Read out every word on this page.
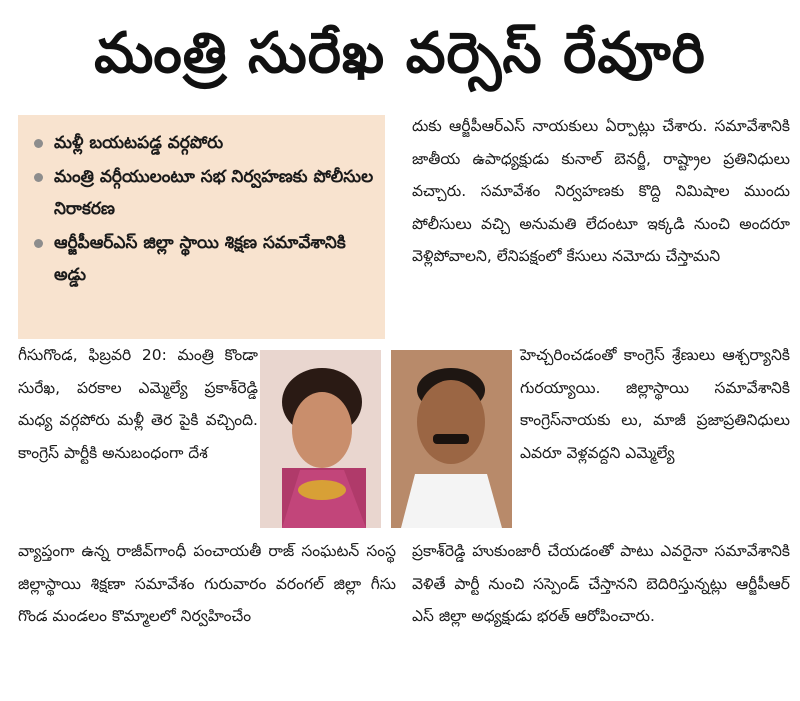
మంత్రి సురేఖ వర్సెస్ రేవూరి
మళ్లీ బయటపడ్డ వర్గపోరు
మంత్రి వర్గీయులంటూ సభ నిర్వహణకు పోలీసుల నిరాకరణ
ఆర్జీపీఆర్ఎస్ జిల్లా స్థాయి శిక్షణ సమావేశానికి అడ్డు
దుకు ఆర్జీపీఆర్ఎస్ నాయకులు ఏర్పాట్లు చేశారు. సమావేశానికి జాతీయ ఉపాధ్యక్షుడు కునాల్ బెనర్జీ, రాష్ట్రాల ప్రతినిధులు వచ్చారు. సమావేశం నిర్వహణకు కొద్ది నిమిషాల ముందు పోలీసులు వచ్చి అనుమతి లేదంటూ ఇక్కడి నుంచి అందరూ వెళ్లిపోవాలని, లేనిపక్షంలో కేసులు నమోదు చేస్తామని
గీసుగొండ, ఫిబ్రవరి 20: మంత్రి కొండా సురేఖ, పరకాల ఎమ్మెల్యే ప్రకాశ్‌రెడ్డి మధ్య వర్గపోరు మళ్లీ తెర పైకి వచ్చింది. కాంగ్రెస్ పార్టీకి అనుబంధంగా దేశ
హెచ్చరించడంతో కాంగ్రెస్ శ్రేణులు ఆశ్చర్యానికి గురయ్యాయి. జిల్లాస్థాయి సమావేశానికి కాంగ్రెస్‌నాయకు లు, మాజీ ప్రజాప్రతినిధులు ఎవరూ వెళ్లవద్దని ఎమ్మెల్యే
వ్యాప్తంగా ఉన్న రాజీవ్‌గాంధీ పంచాయతీ రాజ్ సంఘటన్ సంస్థ జిల్లాస్థాయి శిక్షణా సమావేశం గురువారం వరంగల్ జిల్లా గీసు గొండ మండలం కొమ్మాలలో నిర్వహించేం
ప్రకాశ్‌రెడ్డి హుకుంజారీ చేయడంతో పాటు ఎవరైనా సమావేశానికి వెళితే పార్టీ నుంచి సస్పెండ్ చేస్తానని బెదిరిస్తున్నట్లు ఆర్జీపీఆర్ ఎస్ జిల్లా అధ్యక్షుడు భరత్ ఆరోపించారు.
